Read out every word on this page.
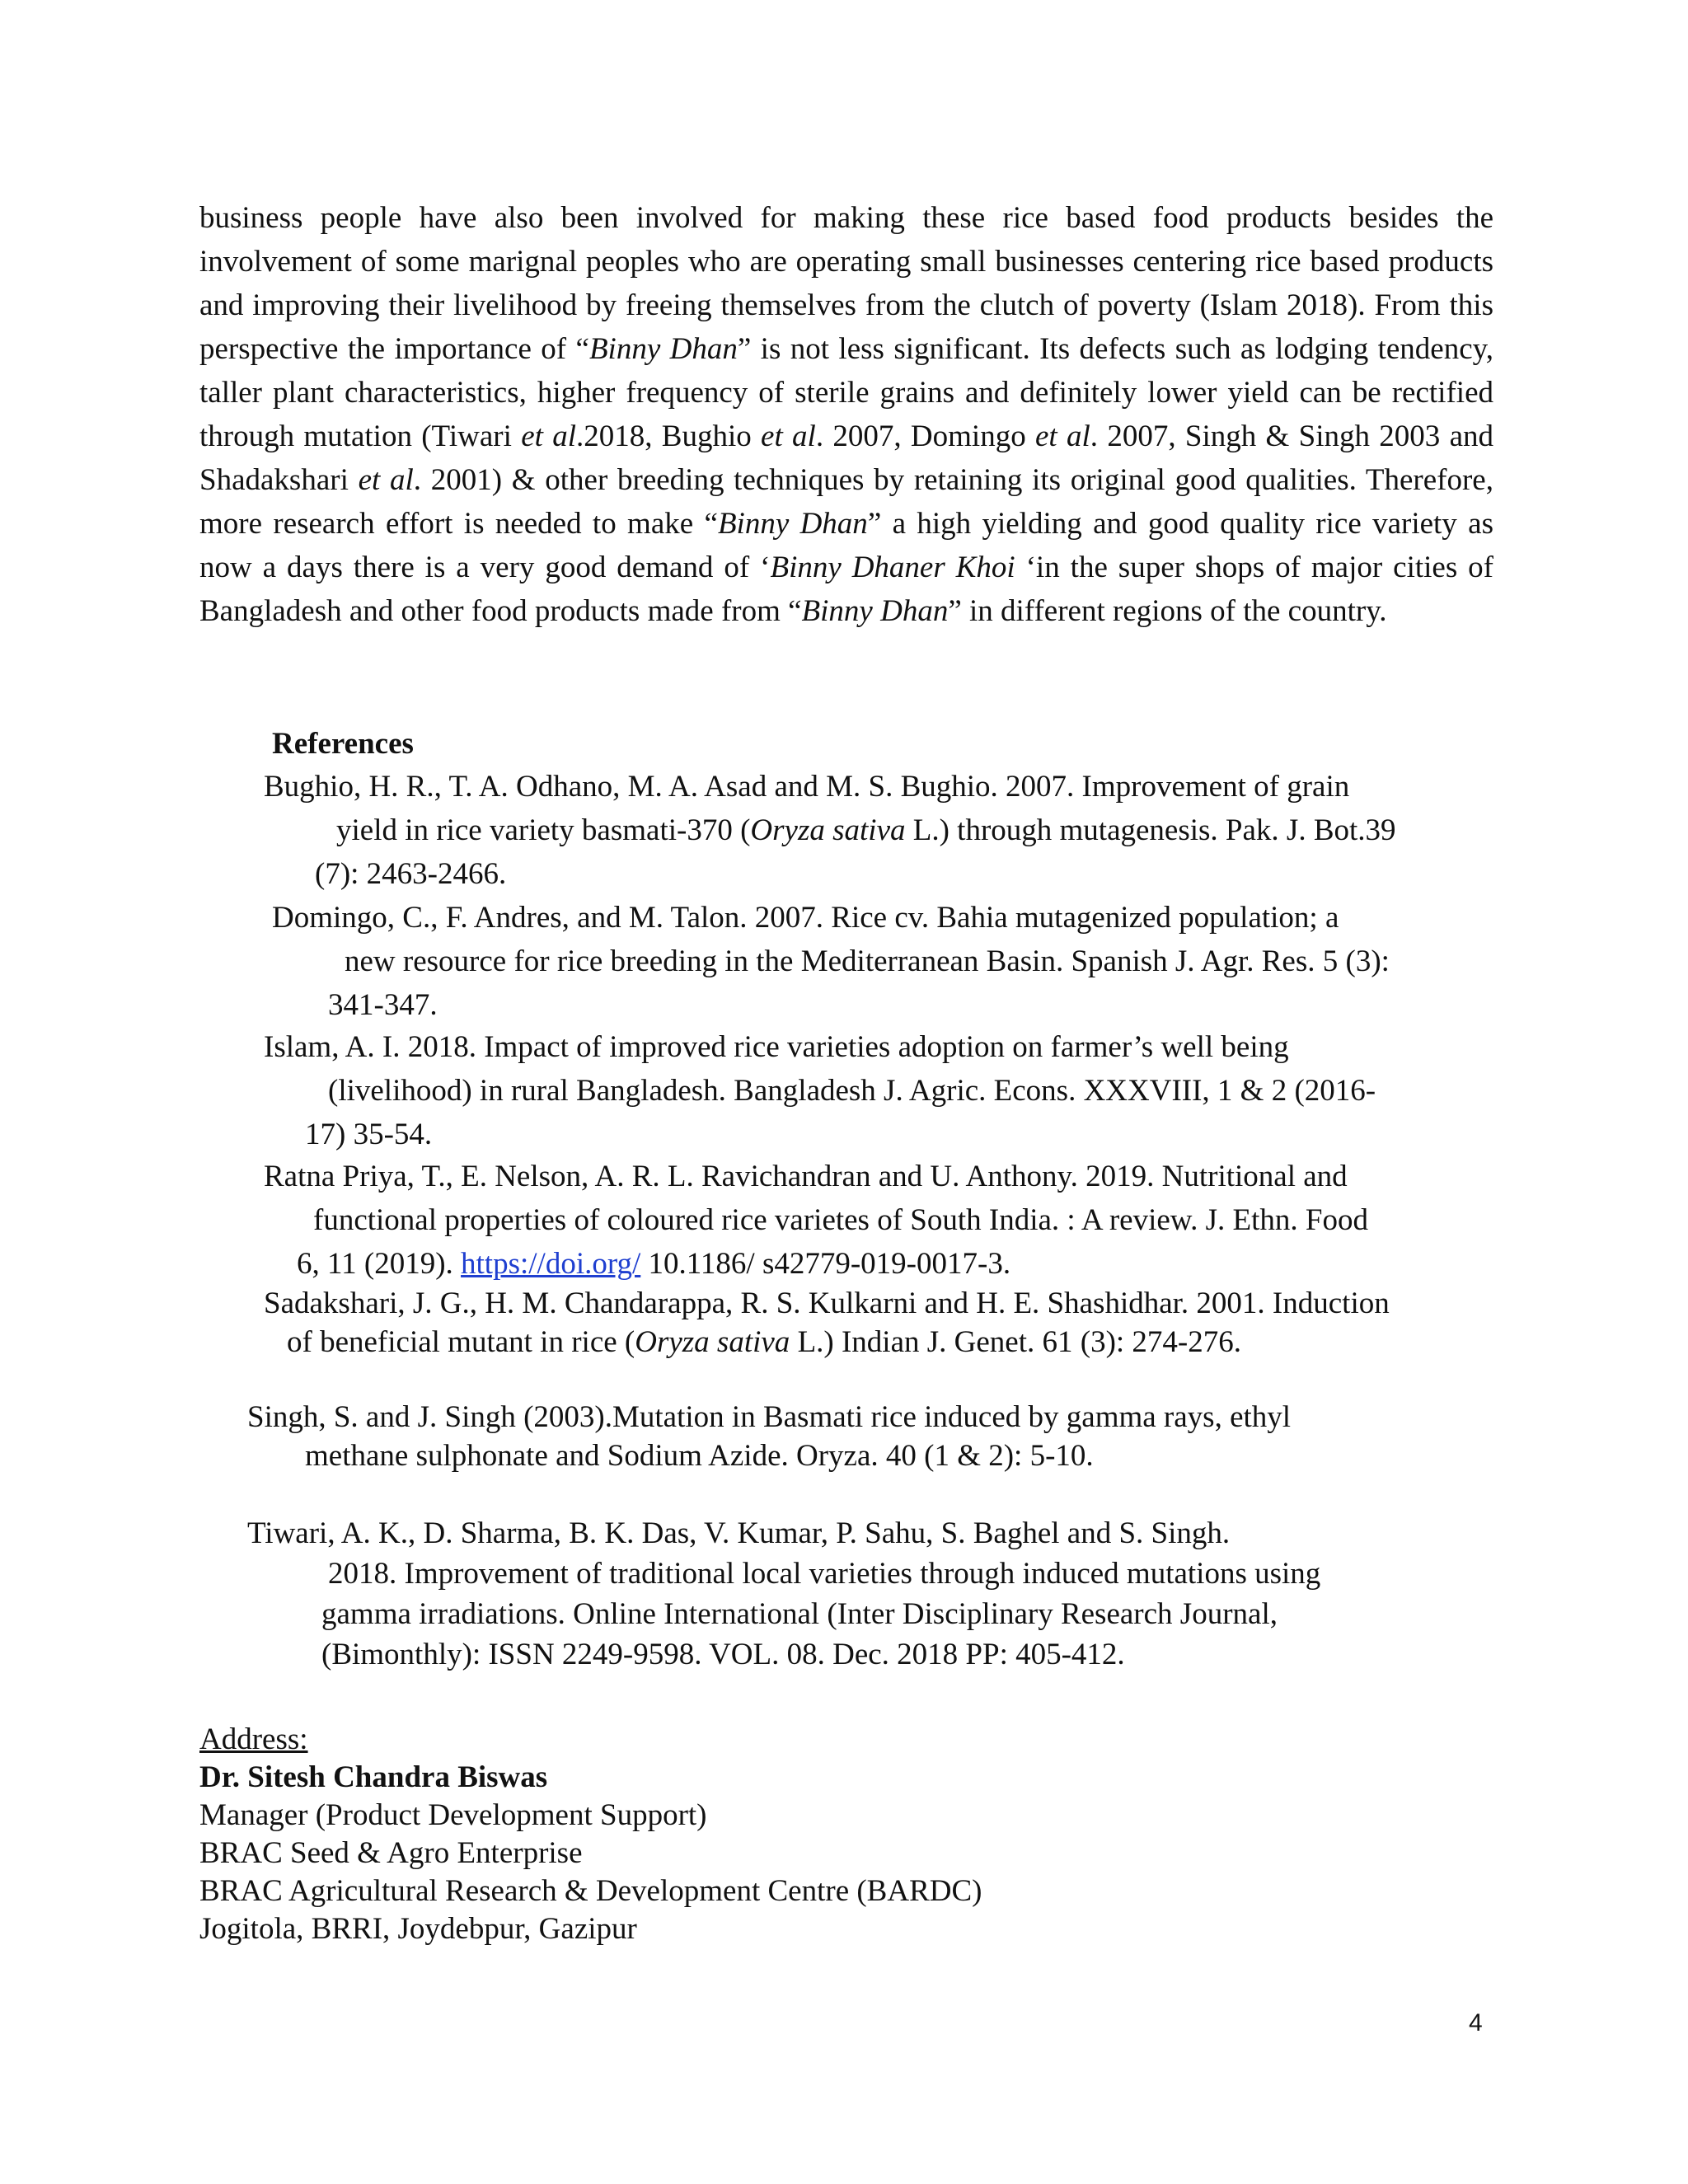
business people have also been involved for making these rice based food products besides the involvement of some marignal peoples who are operating small businesses centering rice based products and improving their livelihood by freeing themselves from the clutch of poverty (Islam 2018). From this perspective the importance of “Binny Dhan” is not less significant. Its defects such as lodging tendency, taller plant characteristics, higher frequency of sterile grains and definitely lower yield can be rectified through mutation (Tiwari et al.2018, Bughio et al. 2007, Domingo et al. 2007, Singh & Singh 2003 and Shadakshari et al. 2001) & other breeding techniques by retaining its original good qualities. Therefore, more research effort is needed to make “Binny Dhan” a high yielding and good quality rice variety as now a days there is a very good demand of ‘Binny Dhaner Khoi ‘in the super shops of major cities of Bangladesh and other food products made from “Binny Dhan” in different regions of the country.

References

Bughio, H. R., T. A. Odhano, M. A. Asad and M. S. Bughio. 2007. Improvement of grain
yield in rice variety basmati-370 (Oryza sativa L.) through mutagenesis. Pak. J. Bot.39
(7): 2463-2466.
Domingo, C., F. Andres, and M. Talon. 2007. Rice cv. Bahia mutagenized population; a
new resource for rice breeding in the Mediterranean Basin. Spanish J. Agr. Res. 5 (3):
341-347.
Islam, A. I. 2018. Impact of improved rice varieties adoption on farmer’s well being
(livelihood) in rural Bangladesh. Bangladesh J. Agric. Econs. XXXVIII, 1 & 2 (2016-
17) 35-54.
Ratna Priya, T., E. Nelson, A. R. L. Ravichandran and U. Anthony. 2019. Nutritional and
functional properties of coloured rice varietes of South India. : A review. J. Ethn. Food
6, 11 (2019). https://doi.org/ 10.1186/ s42779-019-0017-3.
Sadakshari, J. G., H. M. Chandarappa, R. S. Kulkarni and H. E. Shashidhar. 2001. Induction
of beneficial mutant in rice (Oryza sativa L.) Indian J. Genet. 61 (3): 274-276.
Singh, S. and J. Singh (2003).Mutation in Basmati rice induced by gamma rays, ethyl
methane sulphonate and Sodium Azide. Oryza. 40 (1 & 2): 5-10.
Tiwari, A. K., D. Sharma, B. K. Das, V. Kumar, P. Sahu, S. Baghel and S. Singh.
2018. Improvement of traditional local varieties through induced mutations using
gamma irradiations. Online International (Inter Disciplinary Research Journal,
(Bimonthly): ISSN 2249-9598. VOL. 08. Dec. 2018 PP: 405-412.
Address:
Dr. Sitesh Chandra Biswas
Manager (Product Development Support)
BRAC Seed & Agro Enterprise
BRAC Agricultural Research & Development Centre (BARDC)
Jogitola, BRRI, Joydebpur, Gazipur
4
